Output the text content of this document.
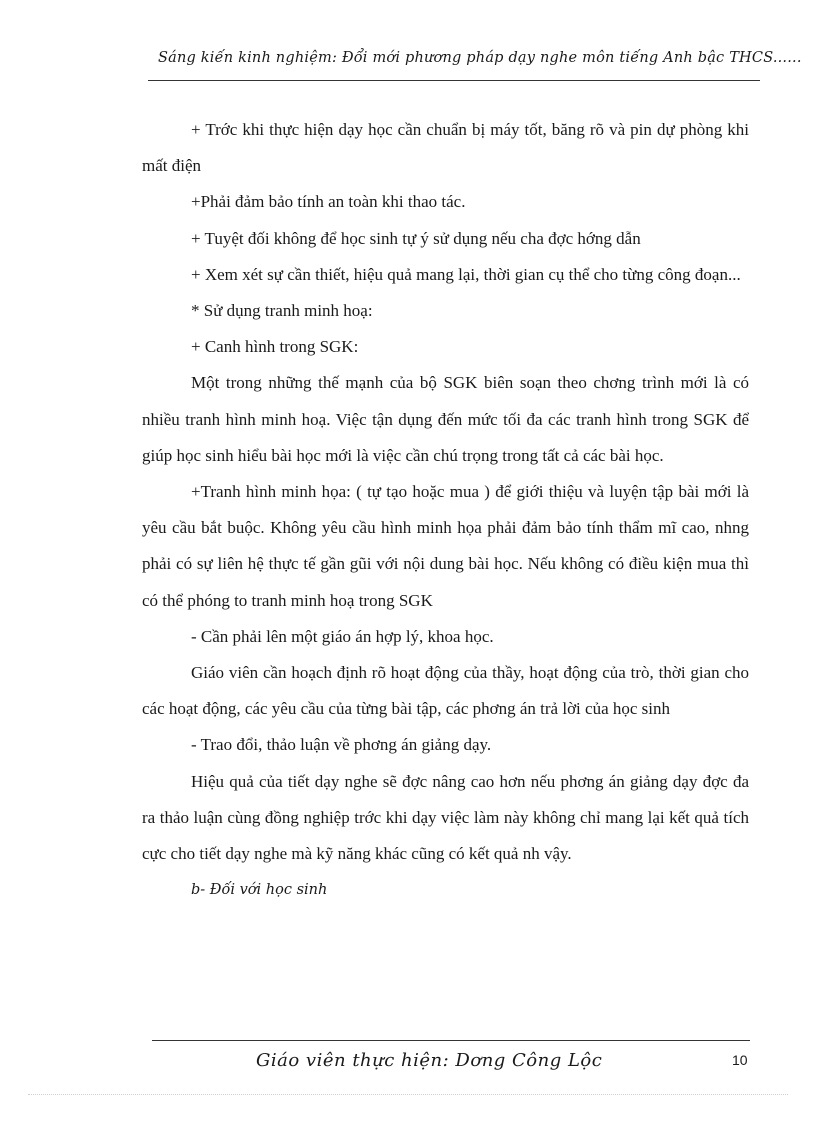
Sáng kiến kinh nghiệm: Đổi mới phương pháp dạy nghe môn tiếng Anh bậc THCS......

+ Trớc khi thực hiện dạy học cần chuẩn bị máy tốt, băng rõ và pin dự phòng khi mất điện

+Phải đảm bảo tính an toàn khi thao tác.

+ Tuyệt đối không để học sinh tự ý sử dụng nếu cha đợc hớng dẫn

+ Xem xét sự cần thiết, hiệu quả mang lại, thời gian cụ thể cho từng công đoạn...

* Sử dụng tranh minh hoạ:

+ Canh hình trong SGK:

Một trong những thế mạnh của bộ SGK biên soạn theo chơng trình mới là có nhiều tranh hình minh hoạ. Việc tận dụng đến mức tối đa các tranh hình trong SGK để giúp học sinh hiểu bài học mới là việc cần chú trọng trong tất cả các bài học.

+Tranh hình minh họa: ( tự tạo hoặc mua ) để giới thiệu và luyện tập bài mới là yêu cầu bắt buộc. Không yêu cầu hình minh họa phải đảm bảo tính thẩm mĩ cao, nhng phải có sự liên hệ thực tế gần gũi với nội dung bài học. Nếu không có điều kiện mua thì có thể phóng to tranh minh hoạ trong SGK

- Cần phải lên một giáo án hợp lý, khoa học.

Giáo viên cần hoạch định rõ hoạt động của thầy, hoạt động của trò, thời gian cho các hoạt động, các yêu cầu của từng bài tập, các phơng án trả lời của học sinh

- Trao đổi, thảo luận về phơng án giảng dạy.

Hiệu quả của tiết dạy nghe sẽ đợc nâng cao hơn nếu phơng án giảng dạy đợc đa ra thảo luận cùng đồng nghiệp trớc khi dạy việc làm này không chỉ mang lại kết quả tích cực cho tiết dạy nghe mà kỹ năng khác cũng có kết quả nh vậy.

b- Đối với học sinh

Giáo viên thực hiện: Dơng Công Lộc	10
